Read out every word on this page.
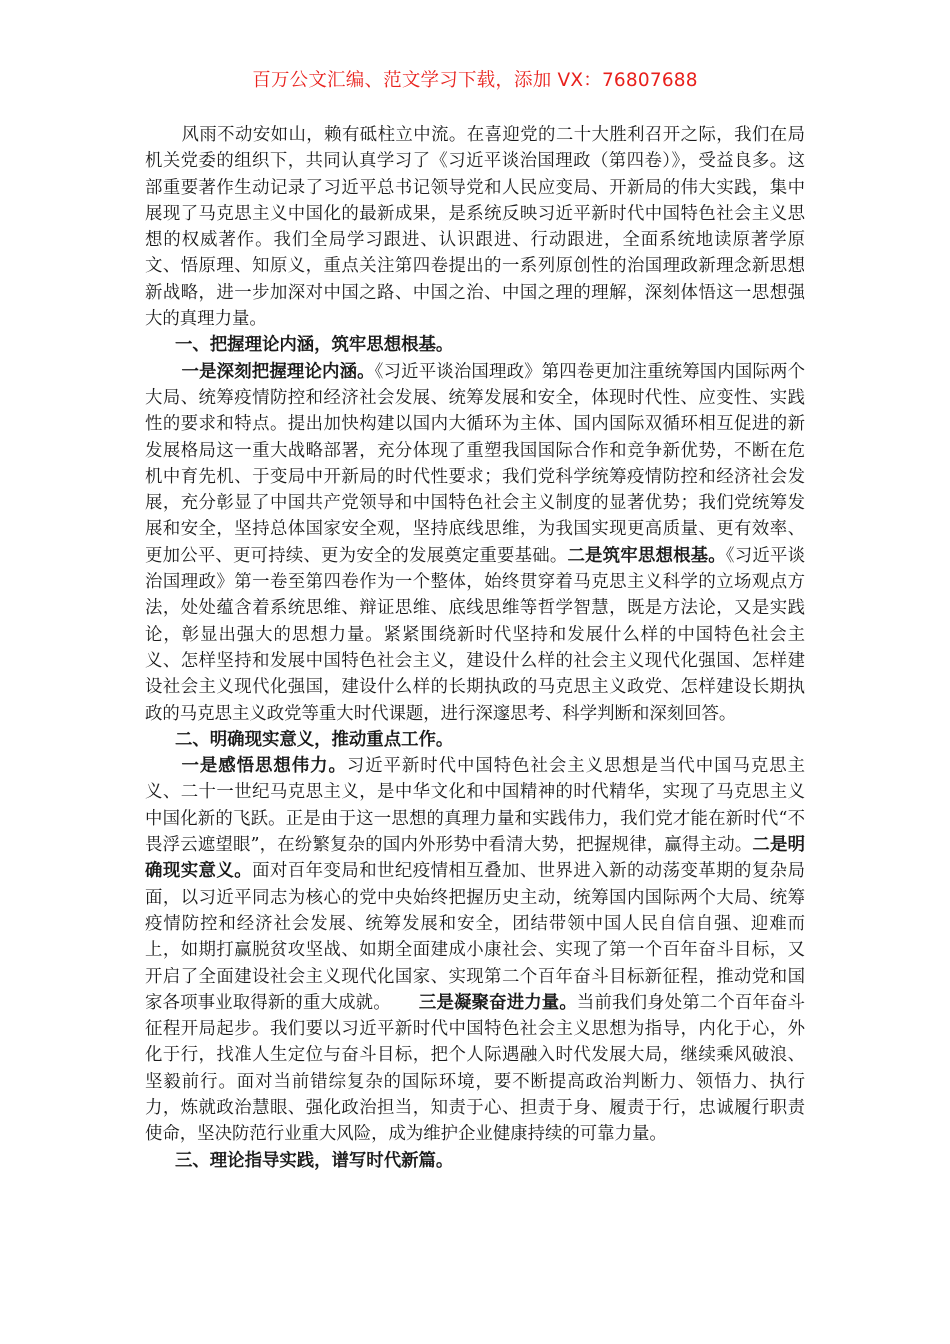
百万公文汇编、范文学习下载，添加 VX：76807688

风雨不动安如山，赖有砥柱立中流。在喜迎党的二十大胜利召开之际，我们在局机关党委的组织下，共同认真学习了《习近平谈治国理政（第四卷）》，受益良多。这部重要著作生动记录了习近平总书记领导党和人民应变局、开新局的伟大实践，集中展现了马克思主义中国化的最新成果，是系统反映习近平新时代中国特色社会主义思想的权威著作。我们全局学习跟进、认识跟进、行动跟进，全面系统地读原著学原文、悟原理、知原义，重点关注第四卷提出的一系列原创性的治国理政新理念新思想新战略，进一步加深对中国之路、中国之治、中国之理的理解，深刻体悟这一思想强大的真理力量。

一、把握理论内涵，筑牢思想根基。

一是深刻把握理论内涵。《习近平谈治国理政》第四卷更加注重统筹国内国际两个大局、统筹疫情防控和经济社会发展、统筹发展和安全，体现时代性、应变性、实践性的要求和特点。提出加快构建以国内大循环为主体、国内国际双循环相互促进的新发展格局这一重大战略部署，充分体现了重塑我国国际合作和竞争新优势，不断在危机中育先机、于变局中开新局的时代性要求；我们党科学统筹疫情防控和经济社会发展，充分彰显了中国共产党领导和中国特色社会主义制度的显著优势；我们党统筹发展和安全，坚持总体国家安全观，坚持底线思维，为我国实现更高质量、更有效率、更加公平、更可持续、更为安全的发展奠定重要基础。二是筑牢思想根基。《习近平谈治国理政》第一卷至第四卷作为一个整体，始终贯穿着马克思主义科学的立场观点方法，处处蕴含着系统思维、辩证思维、底线思维等哲学智慧，既是方法论，又是实践论，彰显出强大的思想力量。紧紧围绕新时代坚持和发展什么样的中国特色社会主义、怎样坚持和发展中国特色社会主义，建设什么样的社会主义现代化强国、怎样建设社会主义现代化强国，建设什么样的长期执政的马克思主义政党、怎样建设长期执政的马克思主义政党等重大时代课题，进行深邃思考、科学判断和深刻回答。

二、明确现实意义，推动重点工作。

一是感悟思想伟力。习近平新时代中国特色社会主义思想是当代中国马克思主义、二十一世纪马克思主义，是中华文化和中国精神的时代精华，实现了马克思主义中国化新的飞跃。正是由于这一思想的真理力量和实践伟力，我们党才能在新时代“不畏浮云遮望眼”，在纷繁复杂的国内外形势中看清大势，把握规律，赢得主动。二是明确现实意义。面对百年变局和世纪疫情相互叠加、世界进入新的动荡变革期的复杂局面，以习近平同志为核心的党中央始终把握历史主动，统筹国内国际两个大局、统筹疫情防控和经济社会发展、统筹发展和安全，团结带领中国人民自信自强、迎难而上，如期打赢脱贫攻坚战、如期全面建成小康社会、实现了第一个百年奋斗目标，又开启了全面建设社会主义现代化国家、实现第二个百年奋斗目标新征程，推动党和国家各项事业取得新的重大成就。 三是凝聚奋进力量。当前我们身处第二个百年奋斗征程开局起步。我们要以习近平新时代中国特色社会主义思想为指导，内化于心，外化于行，找准人生定位与奋斗目标，把个人际遇融入时代发展大局，继续乘风破浪、坚毅前行。面对当前错综复杂的国际环境，要不断提高政治判断力、领悟力、执行力，炼就政治慧眼、强化政治担当，知责于心、担责于身、履责于行，忠诚履行职责使命，坚决防范行业重大风险，成为维护企业健康持续的可靠力量。

三、理论指导实践，谱写时代新篇。
